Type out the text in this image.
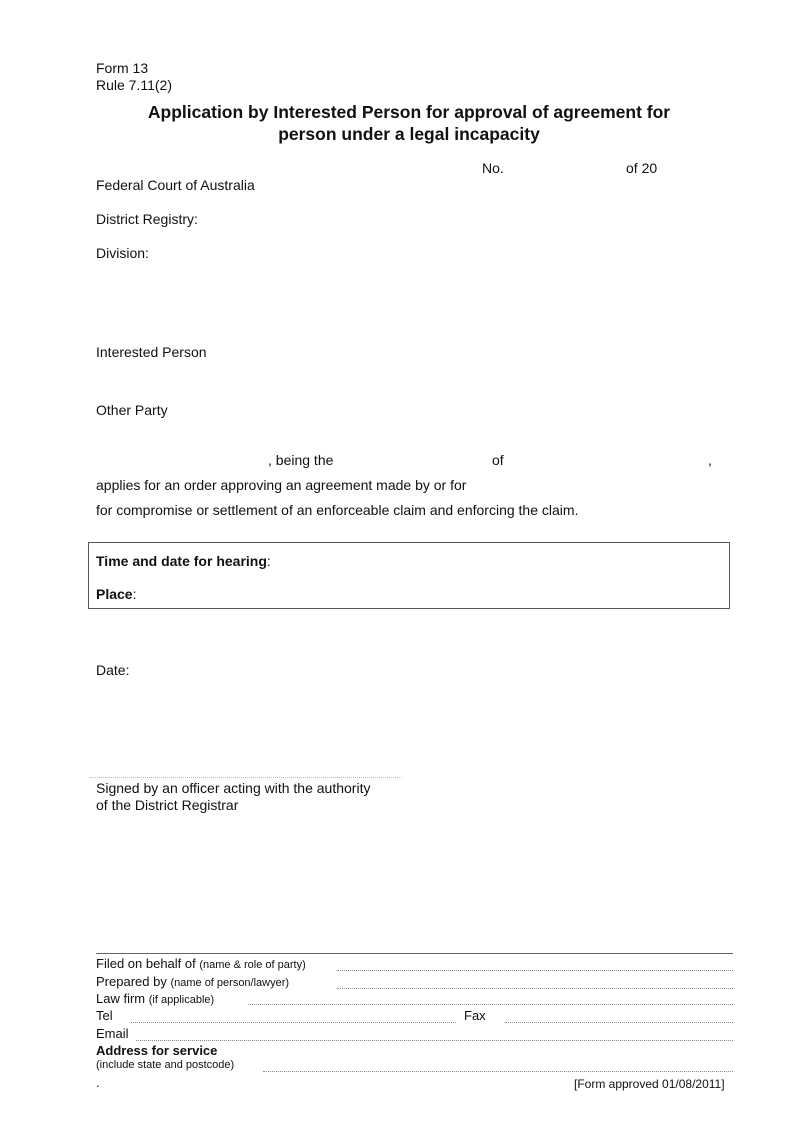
Form 13
Rule 7.11(2)
Application by Interested Person for approval of agreement for
person under a legal incapacity
No.	of 20
Federal Court of Australia
District Registry:
Division:
Interested Person
Other Party
, being the	of	,
applies for an order approving an agreement made by or for
for compromise or settlement of an enforceable claim and enforcing the claim.
Time and date for hearing:
Place:
Date:
Signed by an officer acting with the authority
of the District Registrar
Filed on behalf of (name & role of party)
Prepared by (name of person/lawyer)
Law firm (if applicable)
Tel	Fax
Email
Address for service
(include state and postcode)
.	[Form approved 01/08/2011]
